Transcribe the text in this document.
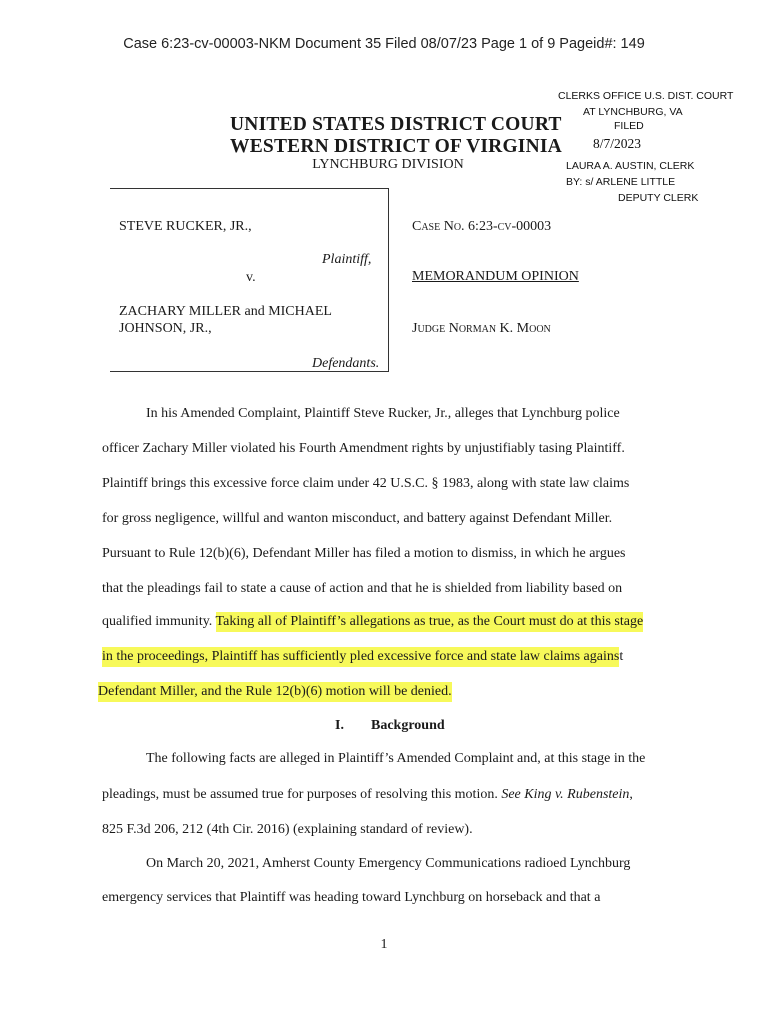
Case 6:23-cv-00003-NKM Document 35 Filed 08/07/23 Page 1 of 9 Pageid#: 149
CLERKS OFFICE U.S. DIST. COURT
AT LYNCHBURG, VA
FILED
8/7/2023
LAURA A. AUSTIN, CLERK
BY: s/ ARLENE LITTLE
DEPUTY CLERK
UNITED STATES DISTRICT COURT
WESTERN DISTRICT OF VIRGINIA
LYNCHBURG DIVISION
STEVE RUCKER, JR.,
Plaintiff,
v.
ZACHARY MILLER and MICHAEL
JOHNSON, JR.,
Defendants.
Case No. 6:23-cv-00003
MEMORANDUM OPINION
Judge Norman K. Moon
In his Amended Complaint, Plaintiff Steve Rucker, Jr., alleges that Lynchburg police
officer Zachary Miller violated his Fourth Amendment rights by unjustifiably tasing Plaintiff.
Plaintiff brings this excessive force claim under 42 U.S.C. § 1983, along with state law claims
for gross negligence, willful and wanton misconduct, and battery against Defendant Miller.
Pursuant to Rule 12(b)(6), Defendant Miller has filed a motion to dismiss, in which he argues
that the pleadings fail to state a cause of action and that he is shielded from liability based on
qualified immunity. Taking all of Plaintiff’s allegations as true, as the Court must do at this stage
in the proceedings, Plaintiff has sufficiently pled excessive force and state law claims against
Defendant Miller, and the Rule 12(b)(6) motion will be denied.
I. Background
The following facts are alleged in Plaintiff’s Amended Complaint and, at this stage in the
pleadings, must be assumed true for purposes of resolving this motion. See King v. Rubenstein,
825 F.3d 206, 212 (4th Cir. 2016) (explaining standard of review).
On March 20, 2021, Amherst County Emergency Communications radioed Lynchburg
emergency services that Plaintiff was heading toward Lynchburg on horseback and that a
1
